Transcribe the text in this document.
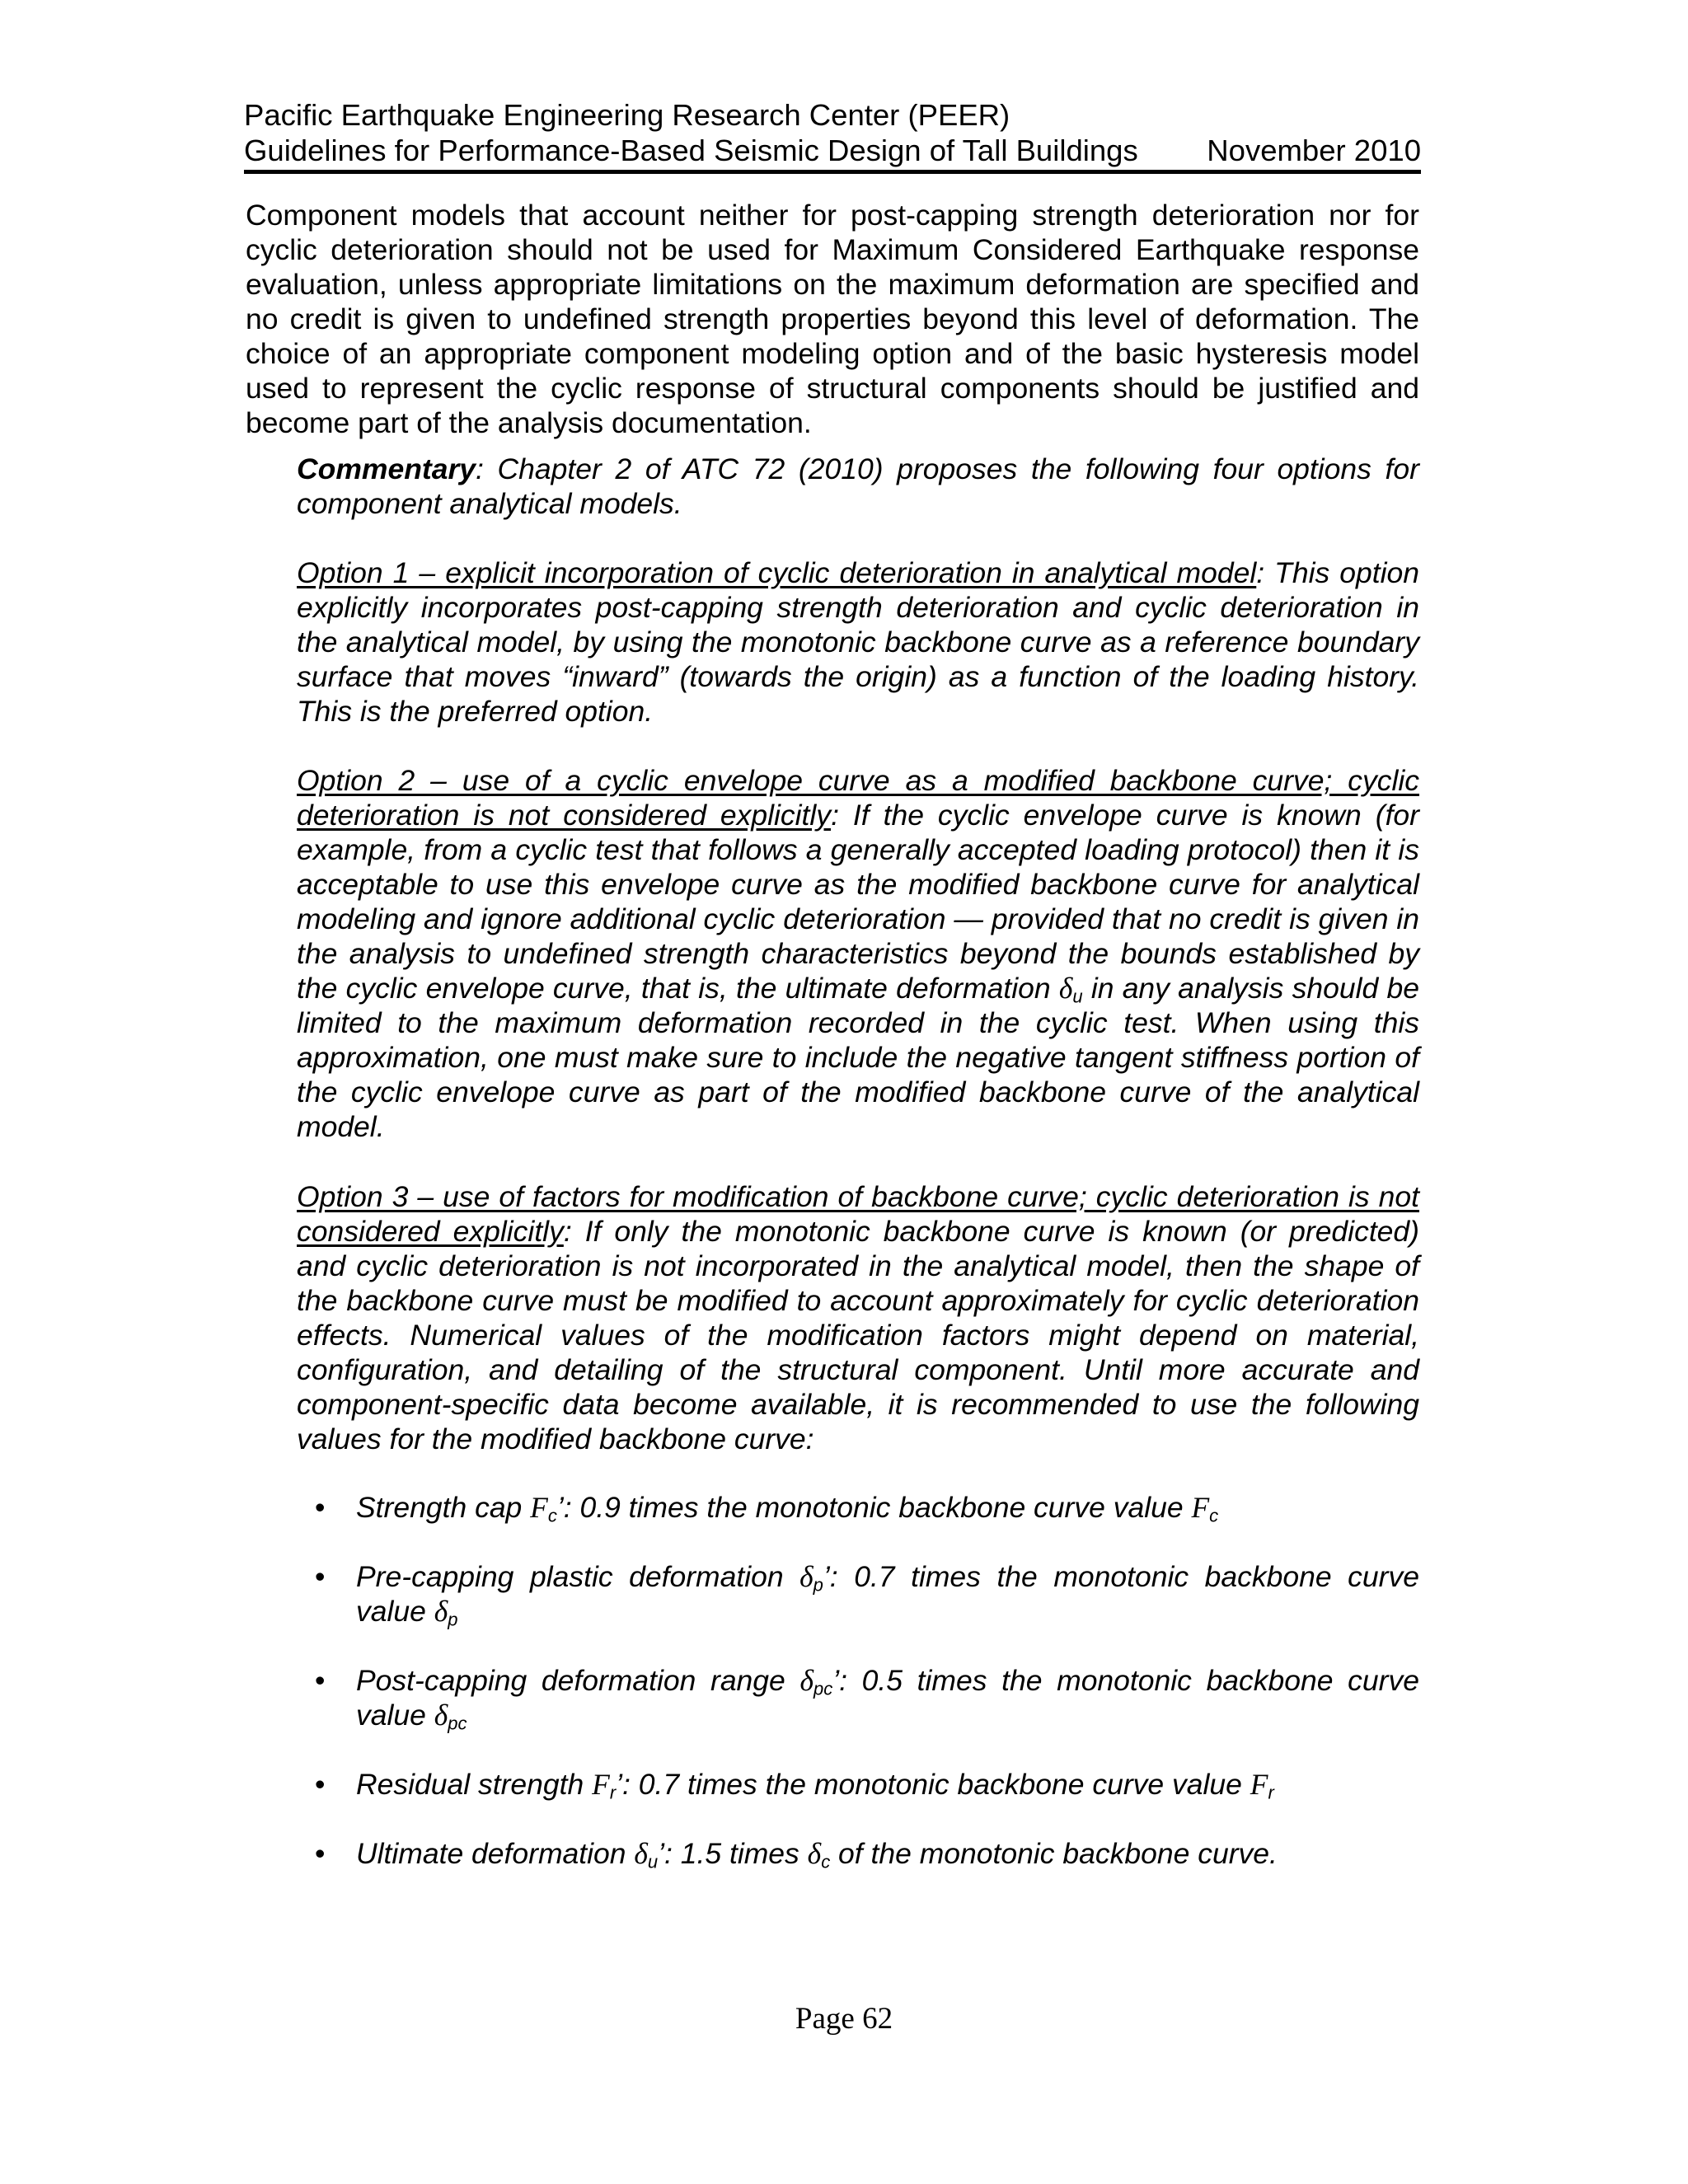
Pacific Earthquake Engineering Research Center (PEER)
Guidelines for Performance-Based Seismic Design of Tall Buildings November 2010
Component models that account neither for post-capping strength deterioration nor for cyclic deterioration should not be used for Maximum Considered Earthquake response evaluation, unless appropriate limitations on the maximum deformation are specified and no credit is given to undefined strength properties beyond this level of deformation. The choice of an appropriate component modeling option and of the basic hysteresis model used to represent the cyclic response of structural components should be justified and become part of the analysis documentation.
Commentary: Chapter 2 of ATC 72 (2010) proposes the following four options for component analytical models.
Option 1 – explicit incorporation of cyclic deterioration in analytical model: This option explicitly incorporates post-capping strength deterioration and cyclic deterioration in the analytical model, by using the monotonic backbone curve as a reference boundary surface that moves “inward” (towards the origin) as a function of the loading history. This is the preferred option.
Option 2 – use of a cyclic envelope curve as a modified backbone curve; cyclic deterioration is not considered explicitly: If the cyclic envelope curve is known (for example, from a cyclic test that follows a generally accepted loading protocol) then it is acceptable to use this envelope curve as the modified backbone curve for analytical modeling and ignore additional cyclic deterioration — provided that no credit is given in the analysis to undefined strength characteristics beyond the bounds established by the cyclic envelope curve, that is, the ultimate deformation $\delta_u$ in any analysis should be limited to the maximum deformation recorded in the cyclic test. When using this approximation, one must make sure to include the negative tangent stiffness portion of the cyclic envelope curve as part of the modified backbone curve of the analytical model.
Option 3 – use of factors for modification of backbone curve; cyclic deterioration is not considered explicitly: If only the monotonic backbone curve is known (or predicted) and cyclic deterioration is not incorporated in the analytical model, then the shape of the backbone curve must be modified to account approximately for cyclic deterioration effects. Numerical values of the modification factors might depend on material, configuration, and detailing of the structural component. Until more accurate and component-specific data become available, it is recommended to use the following values for the modified backbone curve:
• Strength cap $F_c$’: 0.9 times the monotonic backbone curve value $F_c$
• Pre-capping plastic deformation $\delta_p$’: 0.7 times the monotonic backbone curve value $\delta_p$
• Post-capping deformation range $\delta_{pc}$’: 0.5 times the monotonic backbone curve value $\delta_{pc}$
• Residual strength $F_r$’: 0.7 times the monotonic backbone curve value $F_r$
• Ultimate deformation $\delta_u$’: 1.5 times $\delta_c$ of the monotonic backbone curve.
Page 62
